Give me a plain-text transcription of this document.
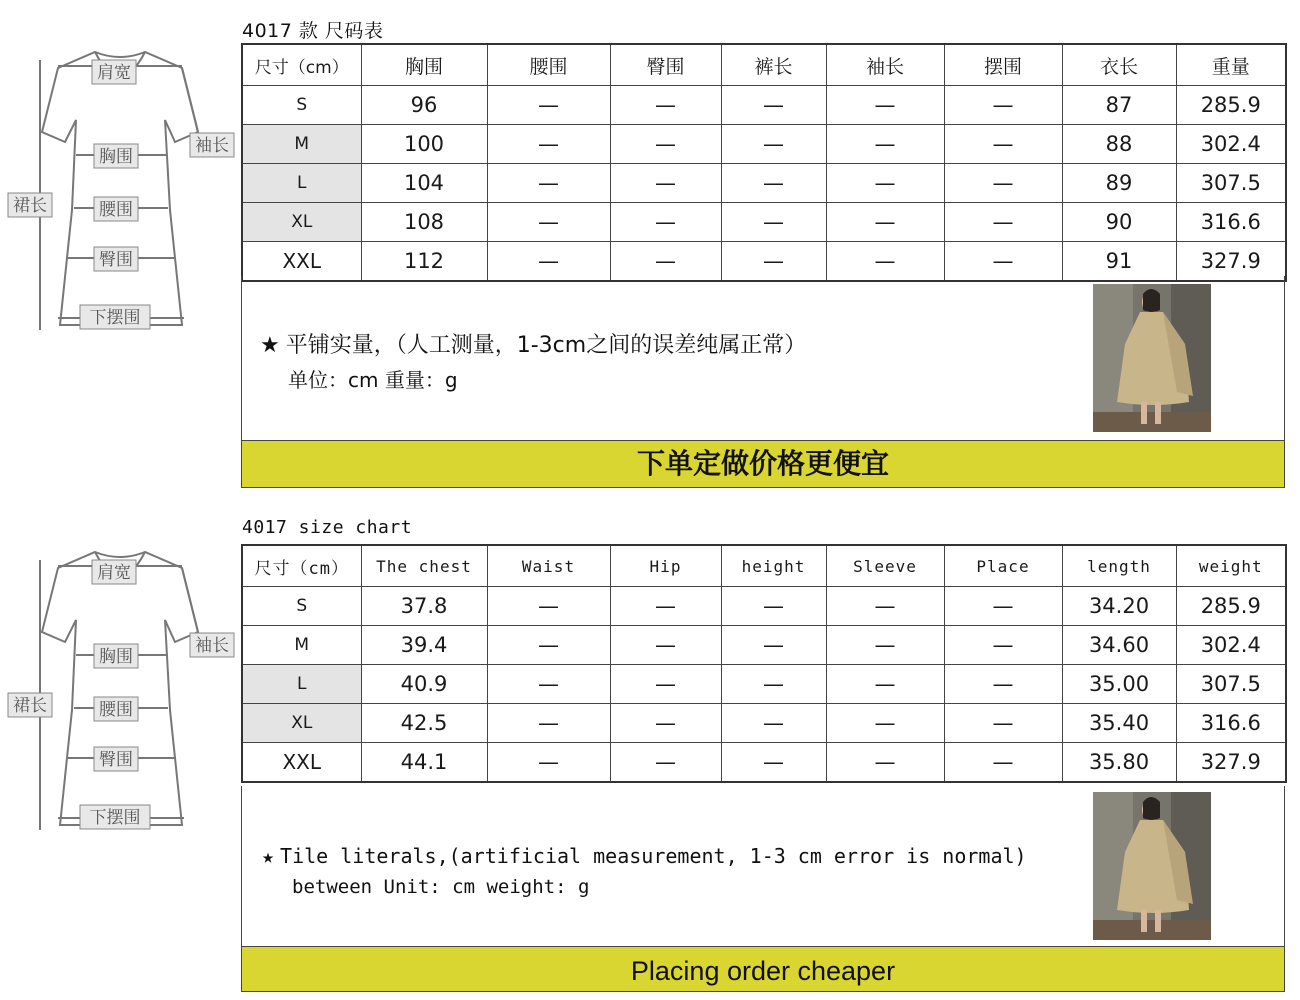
肩宽
袖长
胸围
裙长	腰围
臀围
下摆围
4017 款 尺码表
尺寸（cm）	胸围	腰围	臀围	裤长	袖长	摆围	衣长	重量
S	96	—	—	—	—	—	87	285.9
M	100	—	—	—	—	—	88	302.4
L	104	—	—	—	—	—	89	307.5
XL	108	—	—	—	—	—	90	316.6
XXL	112	—	—	—	—	—	91	327.9
★ 平铺实量，（人工测量，1-3cm之间的误差纯属正常）
单位：cm 重量：g
下单定做价格更便宜
肩宽
袖长
胸围
裙长	腰围
臀围
下摆围
4017 size chart
尺寸（cm）	The chest	Waist	Hip	height	Sleeve	Place	length	weight
S	37.8	—	—	—	—	—	34.20	285.9
M	39.4	—	—	—	—	—	34.60	302.4
L	40.9	—	—	—	—	—	35.00	307.5
XL	42.5	—	—	—	—	—	35.40	316.6
XXL	44.1	—	—	—	—	—	35.80	327.9
★ Tile literals,(artificial measurement, 1-3 cm error is normal)
between Unit: cm weight: g
Placing order cheaper
